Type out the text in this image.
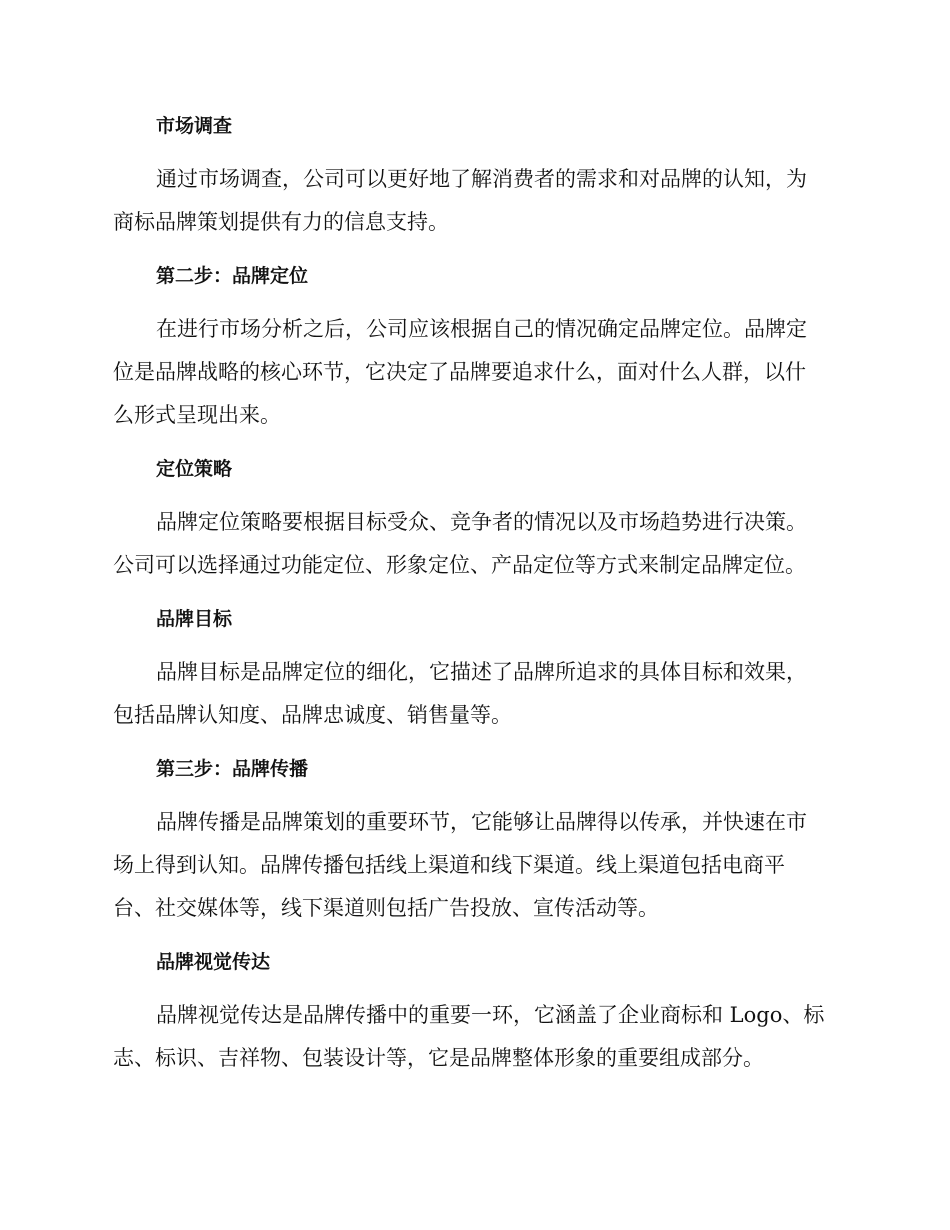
市场调查
通过市场调查，公司可以更好地了解消费者的需求和对品牌的认知，为
商标品牌策划提供有力的信息支持。
第二步：品牌定位
在进行市场分析之后，公司应该根据自己的情况确定品牌定位。品牌定
位是品牌战略的核心环节，它决定了品牌要追求什么，面对什么人群，以什
么形式呈现出来。
定位策略
品牌定位策略要根据目标受众、竞争者的情况以及市场趋势进行决策。
公司可以选择通过功能定位、形象定位、产品定位等方式来制定品牌定位。
品牌目标
品牌目标是品牌定位的细化，它描述了品牌所追求的具体目标和效果，
包括品牌认知度、品牌忠诚度、销售量等。
第三步：品牌传播
品牌传播是品牌策划的重要环节，它能够让品牌得以传承，并快速在市
场上得到认知。品牌传播包括线上渠道和线下渠道。线上渠道包括电商平
台、社交媒体等，线下渠道则包括广告投放、宣传活动等。
品牌视觉传达
品牌视觉传达是品牌传播中的重要一环，它涵盖了企业商标和 Logo、标
志、标识、吉祥物、包装设计等，它是品牌整体形象的重要组成部分。
